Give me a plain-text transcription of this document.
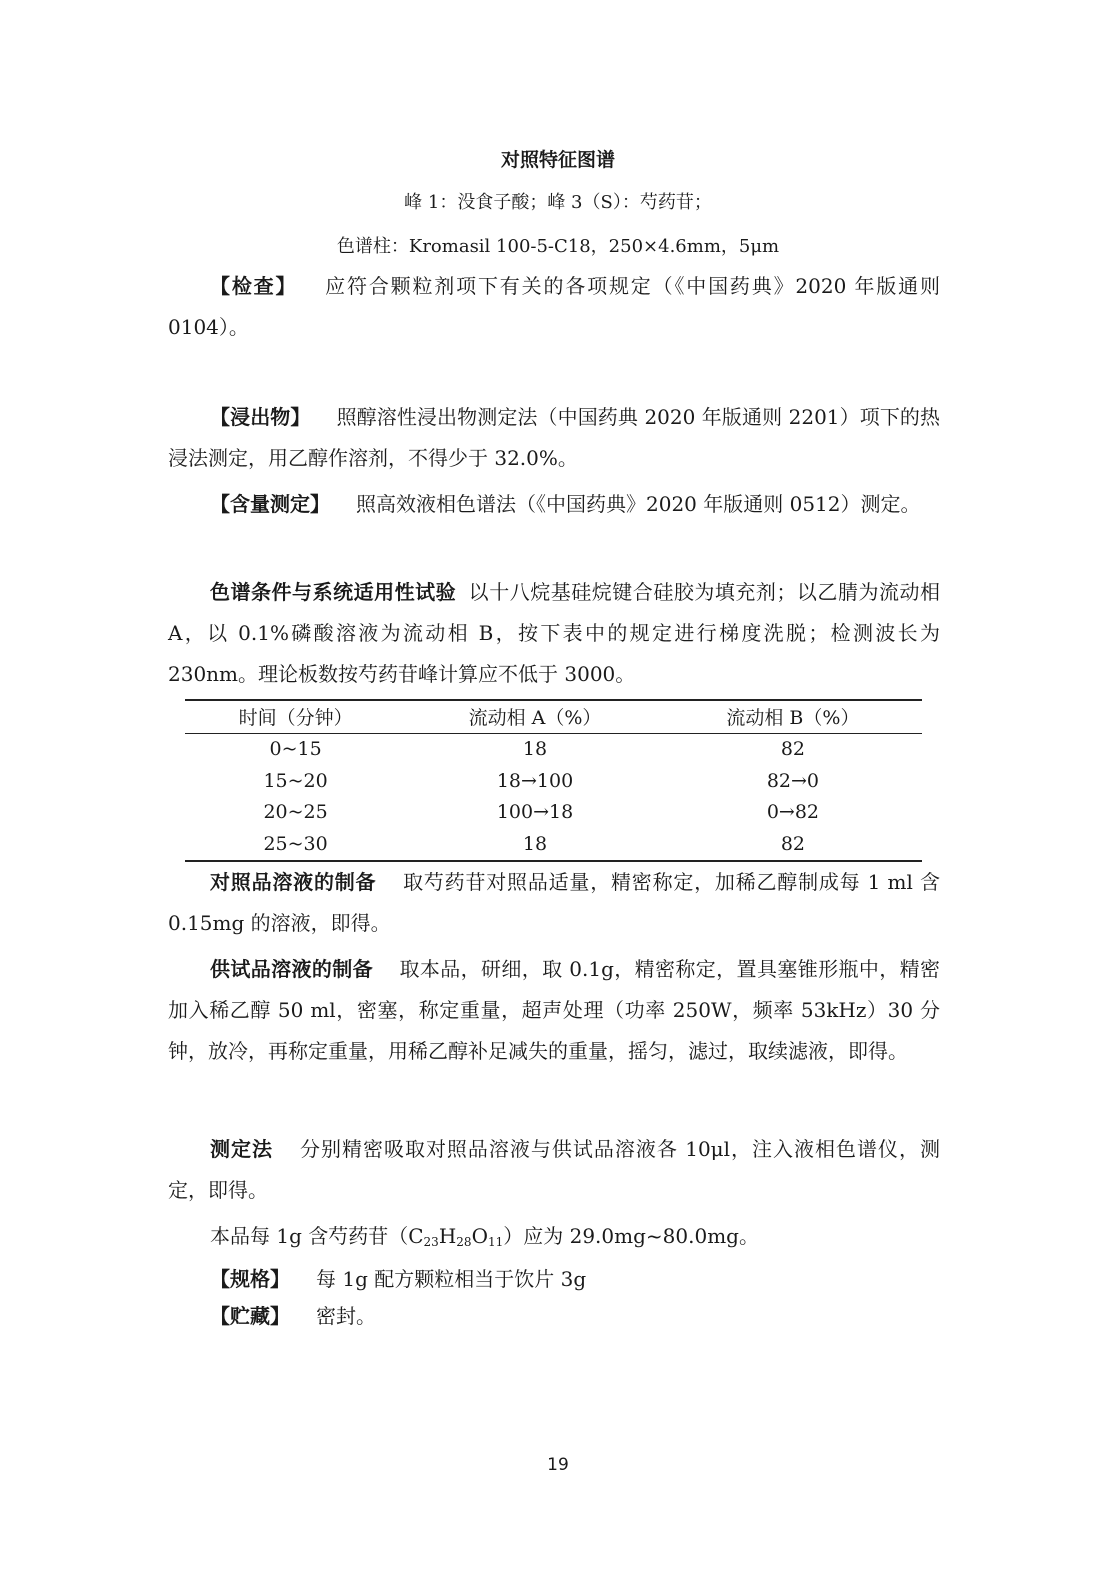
对照特征图谱
峰 1：没食子酸；峰 3（S）：芍药苷；
色谱柱：Kromasil 100-5-C18，250×4.6mm，5μm
【检查】 应符合颗粒剂项下有关的各项规定（《中国药典》2020 年版通则 0104）。
【浸出物】 照醇溶性浸出物测定法（中国药典 2020 年版通则 2201）项下的热浸法测定，用乙醇作溶剂，不得少于 32.0%。
【含量测定】 照高效液相色谱法（《中国药典》2020 年版通则 0512）测定。
色谱条件与系统适用性试验 以十八烷基硅烷键合硅胶为填充剂；以乙腈为流动相 A，以 0.1%磷酸溶液为流动相 B，按下表中的规定进行梯度洗脱；检测波长为 230nm。理论板数按芍药苷峰计算应不低于 3000。
时间（分钟）	流动相 A（%）	流动相 B（%）
0~15	18	82
15~20	18→100	82→0
20~25	100→18	0→82
25~30	18	82
对照品溶液的制备 取芍药苷对照品适量，精密称定，加稀乙醇制成每 1 ml 含 0.15mg 的溶液，即得。
供试品溶液的制备 取本品，研细，取 0.1g，精密称定，置具塞锥形瓶中，精密加入稀乙醇 50 ml，密塞，称定重量，超声处理（功率 250W，频率 53kHz）30 分钟，放冷，再称定重量，用稀乙醇补足减失的重量，摇匀，滤过，取续滤液，即得。
测定法 分别精密吸取对照品溶液与供试品溶液各 10μl，注入液相色谱仪，测定，即得。
本品每 1g 含芍药苷$(C_{23}H_{28}O_{11})$应为 29.0mg~80.0mg。
【规格】 每 1g 配方颗粒相当于饮片 3g
【贮藏】 密封。
19
